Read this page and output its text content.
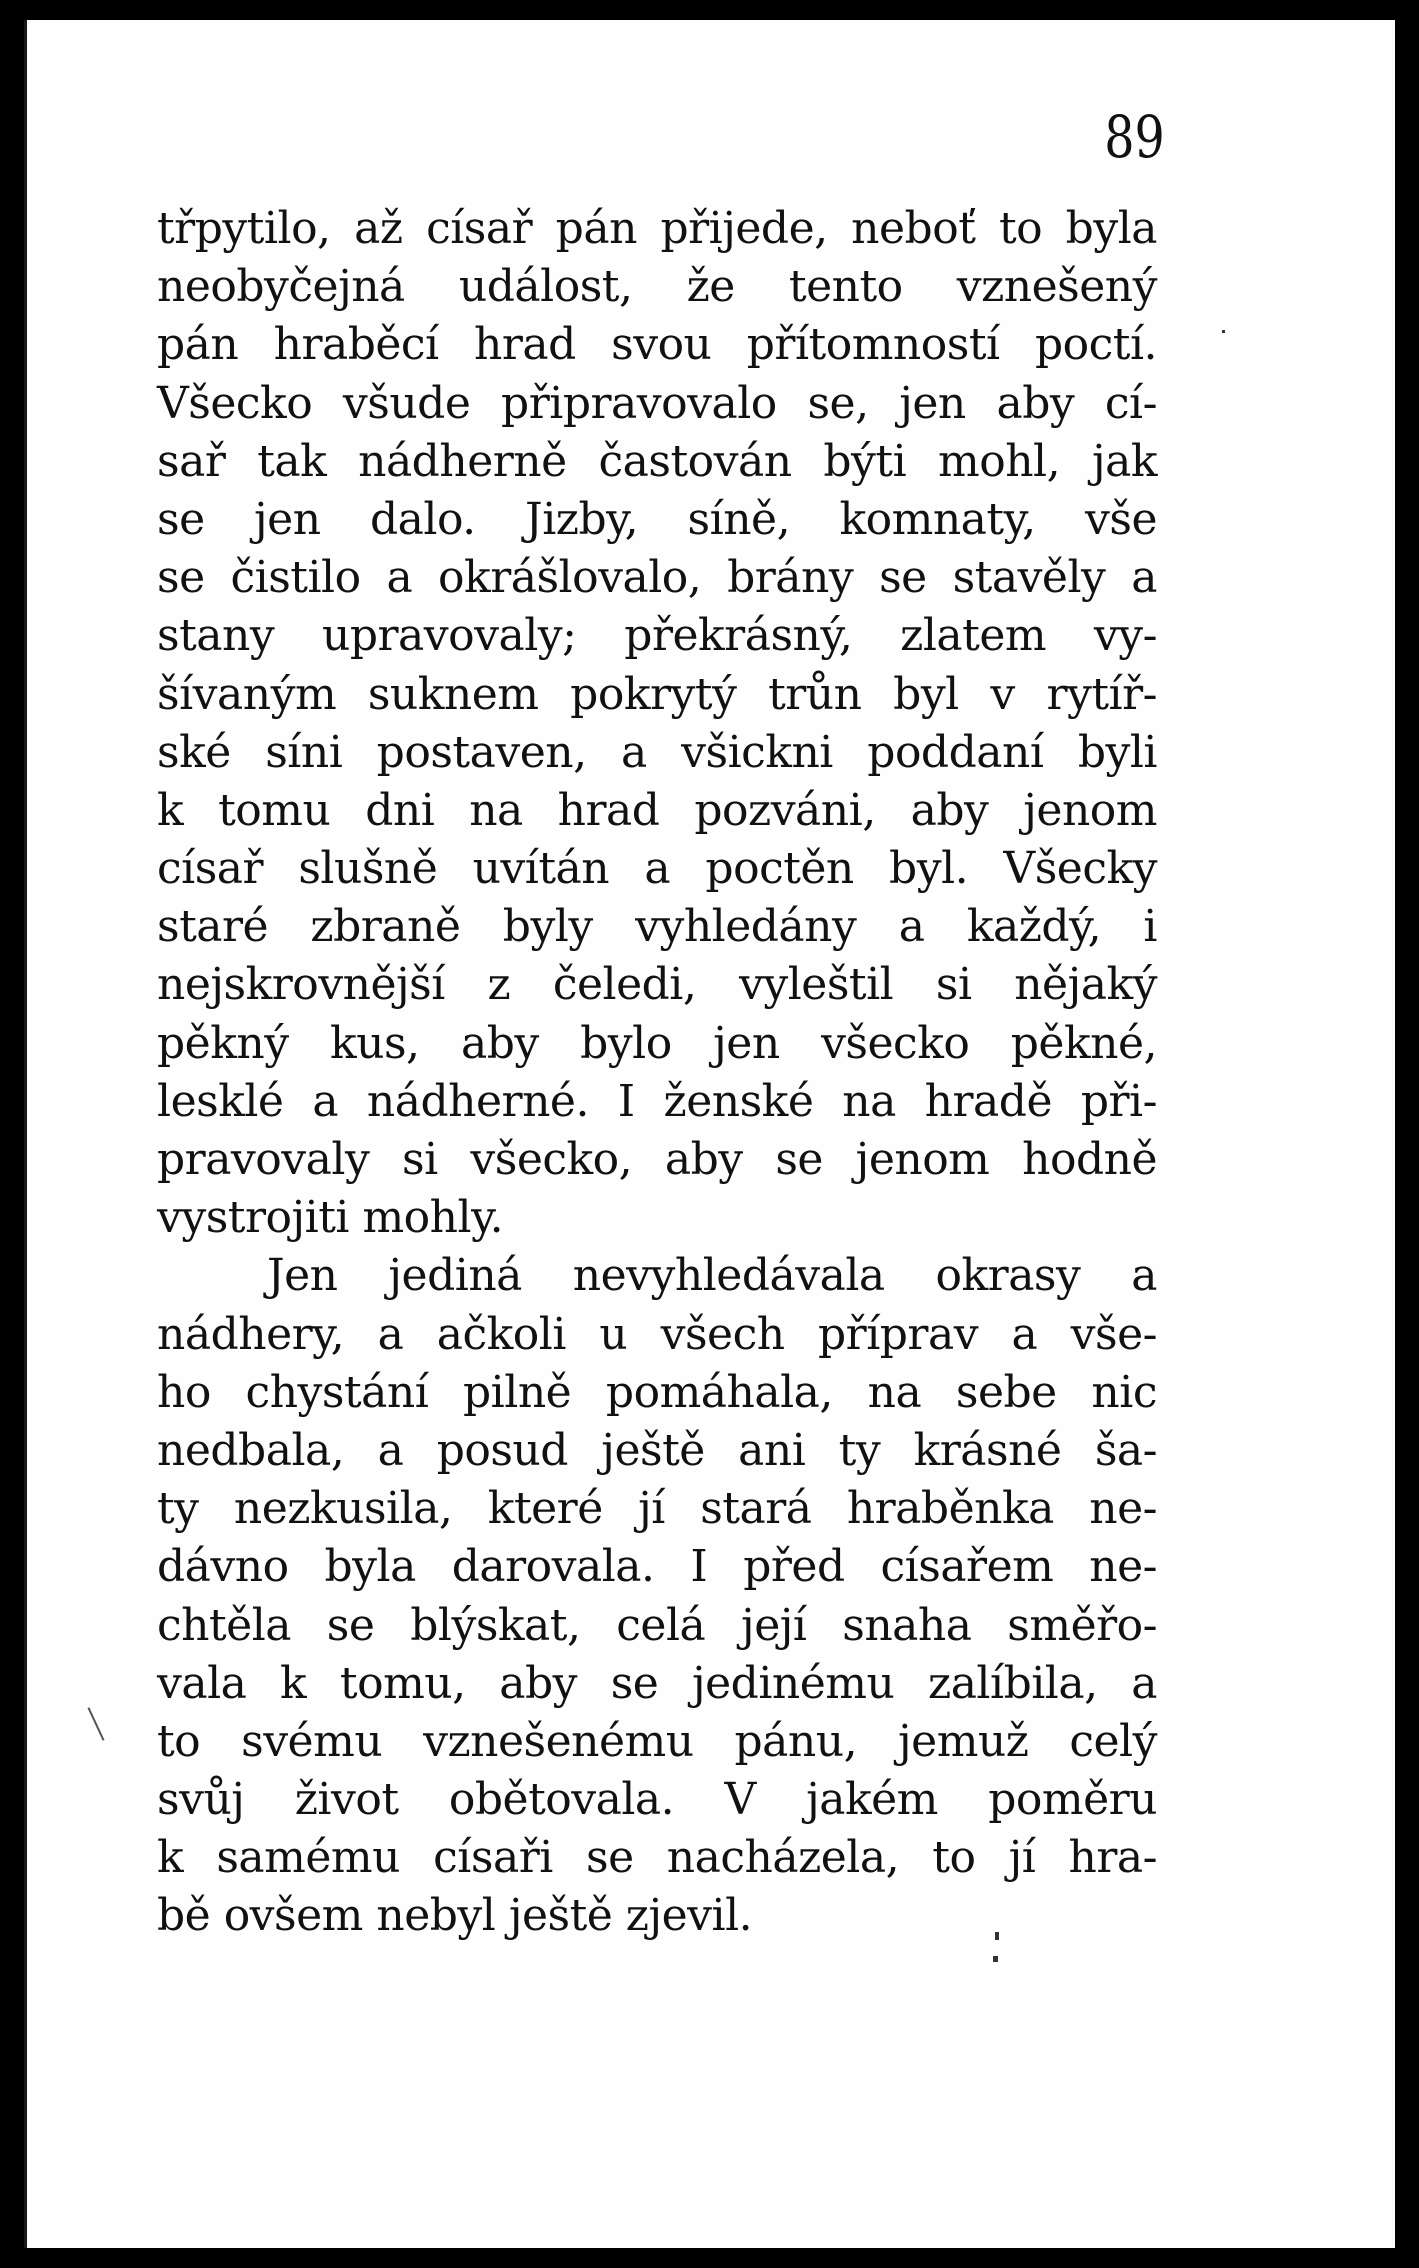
89

třpytilo, až císař pán přijede, neboť to byla
neobyčejná událost, že tento vznešený
pán hraběcí hrad svou přítomností poctí.
Všecko všude připravovalo se, jen aby cí-
sař tak nádherně častován býti mohl, jak
se jen dalo. Jizby, síně, komnaty, vše
se čistilo a okrášlovalo, brány se stavěly a
stany upravovaly; překrásný, zlatem vy-
šívaným suknem pokrytý trůn byl v rytíř-
ské síni postaven, a všickni poddaní byli
k tomu dni na hrad pozváni, aby jenom
císař slušně uvítán a poctěn byl. Všecky
staré zbraně byly vyhledány a každý, i
nejskrovnější z čeledi, vyleštil si nějaký
pěkný kus, aby bylo jen všecko pěkné,
lesklé a nádherné. I ženské na hradě při-
pravovaly si všecko, aby se jenom hodně
vystrojiti mohly.
Jen jediná nevyhledávala okrasy a
nádhery, a ačkoli u všech příprav a vše-
ho chystání pilně pomáhala, na sebe nic
nedbala, a posud ještě ani ty krásné ša-
ty nezkusila, které jí stará hraběnka ne-
dávno byla darovala. I před císařem ne-
chtěla se blýskat, celá její snaha směřo-
vala k tomu, aby se jedinému zalíbila, a
to svému vznešenému pánu, jemuž celý
svůj život obětovala. V jakém poměru
k samému císaři se nacházela, to jí hra-
bě ovšem nebyl ještě zjevil.
